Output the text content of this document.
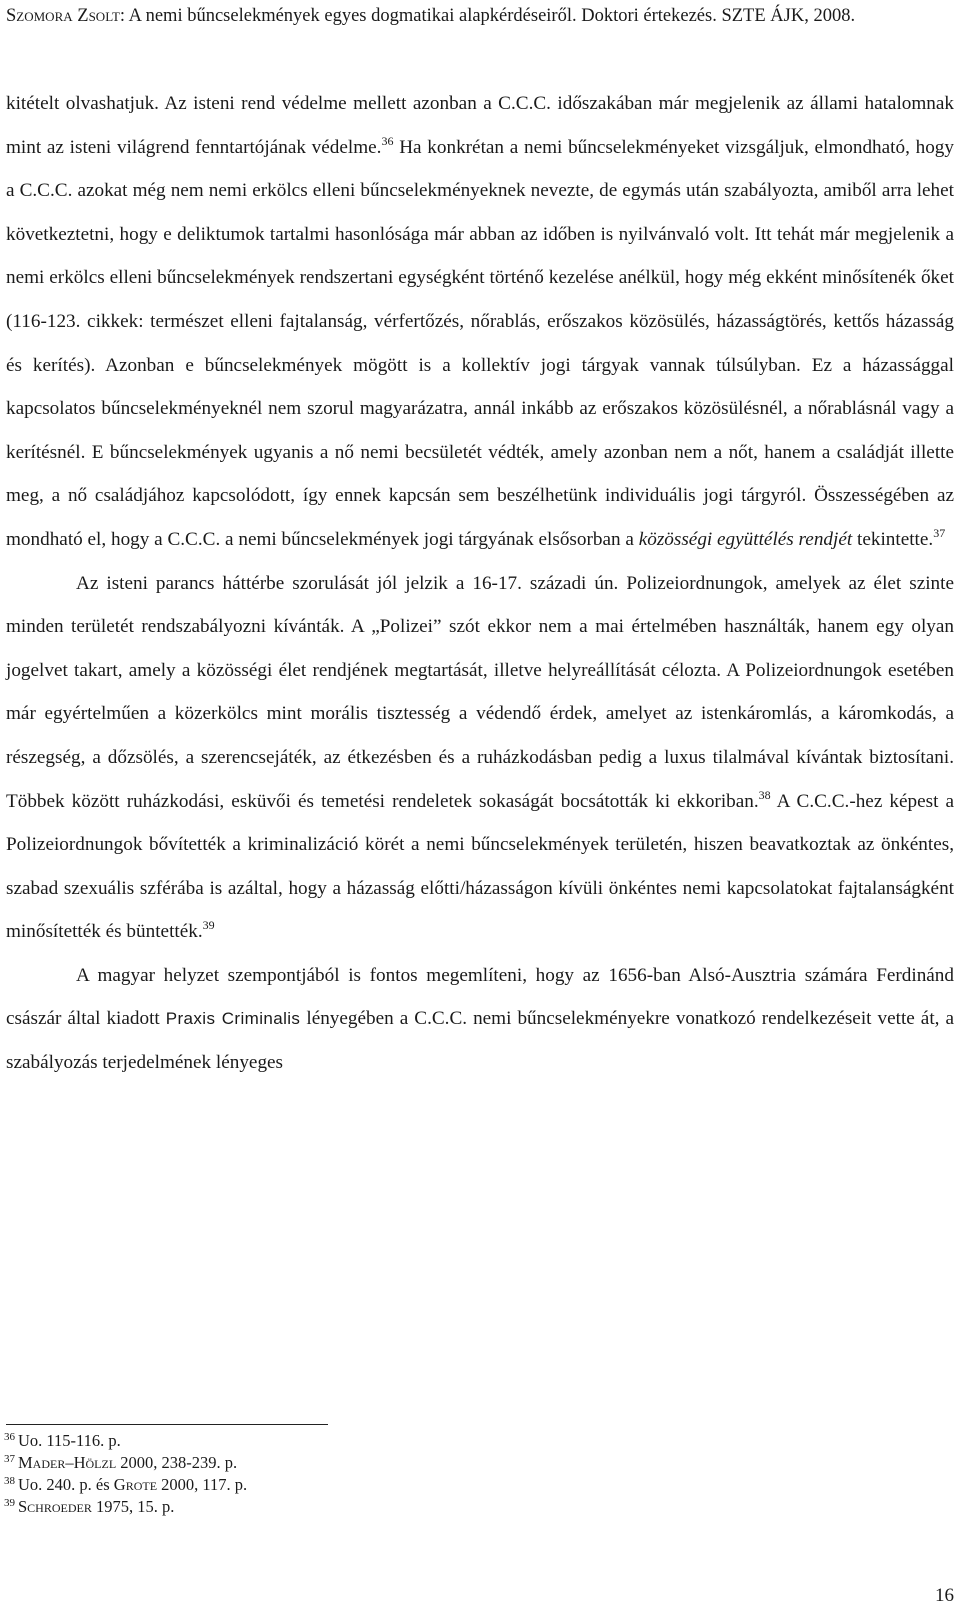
Szomora Zsolt: A nemi bűncselekmények egyes dogmatikai alapkérdéseiről. Doktori értekezés. SZTE ÁJK, 2008.

kitételt olvashatjuk. Az isteni rend védelme mellett azonban a C.C.C. időszakában már megjelenik az állami hatalomnak mint az isteni világrend fenntartójának védelme.$^{36}$ Ha konkrétan a nemi bűncselekményeket vizsgáljuk, elmondható, hogy a C.C.C. azokat még nem nemi erkölcs elleni bűncselekményeknek nevezte, de egymás után szabályozta, amiből arra lehet következtetni, hogy e deliktumok tartalmi hasonlósága már abban az időben is nyilvánvaló volt. Itt tehát már megjelenik a nemi erkölcs elleni bűncselekmények rendszertani egységként történő kezelése anélkül, hogy még ekként minősítenék őket (116-123. cikkek: természet elleni fajtalanság, vérfertőzés, nőrablás, erőszakos közösülés, házasságtörés, kettős házasság és kerítés). Azonban e bűncselekmények mögött is a kollektív jogi tárgyak vannak túlsúlyban. Ez a házassággal kapcsolatos bűncselekményeknél nem szorul magyarázatra, annál inkább az erőszakos közösülésnél, a nőrablásnál vagy a kerítésnél. E bűncselekmények ugyanis a nő nemi becsületét védték, amely azonban nem a nőt, hanem a családját illette meg, a nő családjához kapcsolódott, így ennek kapcsán sem beszélhetünk individuális jogi tárgyról. Összességében az mondható el, hogy a C.C.C. a nemi bűncselekmények jogi tárgyának elsősorban a közösségi együttélés rendjét tekintette.$^{37}$

Az isteni parancs háttérbe szorulását jól jelzik a 16-17. századi ún. Polizeiordnungok, amelyek az élet szinte minden területét rendszabályozni kívánták. A „Polizei” szót ekkor nem a mai értelmében használták, hanem egy olyan jogelvet takart, amely a közösségi élet rendjének megtartását, illetve helyreállítását célozta. A Polizeiordnungok esetében már egyértelműen a közerkölcs mint morális tisztesség a védendő érdek, amelyet az istenkáromlás, a káromkodás, a részegség, a dőzsölés, a szerencsejáték, az étkezésben és a ruházkodásban pedig a luxus tilalmával kívántak biztosítani. Többek között ruházkodási, esküvői és temetési rendeletek sokaságát bocsátották ki ekkoriban.$^{38}$ A C.C.C.-hez képest a Polizeiordnungok bővítették a kriminalizáció körét a nemi bűncselekmények területén, hiszen beavatkoztak az önkéntes, szabad szexuális szférába is azáltal, hogy a házasság előtti/házasságon kívüli önkéntes nemi kapcsolatokat fajtalanságként minősítették és büntették.$^{39}$

A magyar helyzet szempontjából is fontos megemlíteni, hogy az 1656-ban Alsó-Ausztria számára Ferdinánd császár által kiadott Praxis Criminalis lényegében a C.C.C. nemi bűncselekményekre vonatkozó rendelkezéseit vette át, a szabályozás terjedelmének lényeges

$^{36}$ Uo. 115-116. p.

$^{37}$ Mader–Hölzl 2000, 238-239. p.

$^{38}$ Uo. 240. p. és Grote 2000, 117. p.

$^{39}$ Schroeder 1975, 15. p.

16
